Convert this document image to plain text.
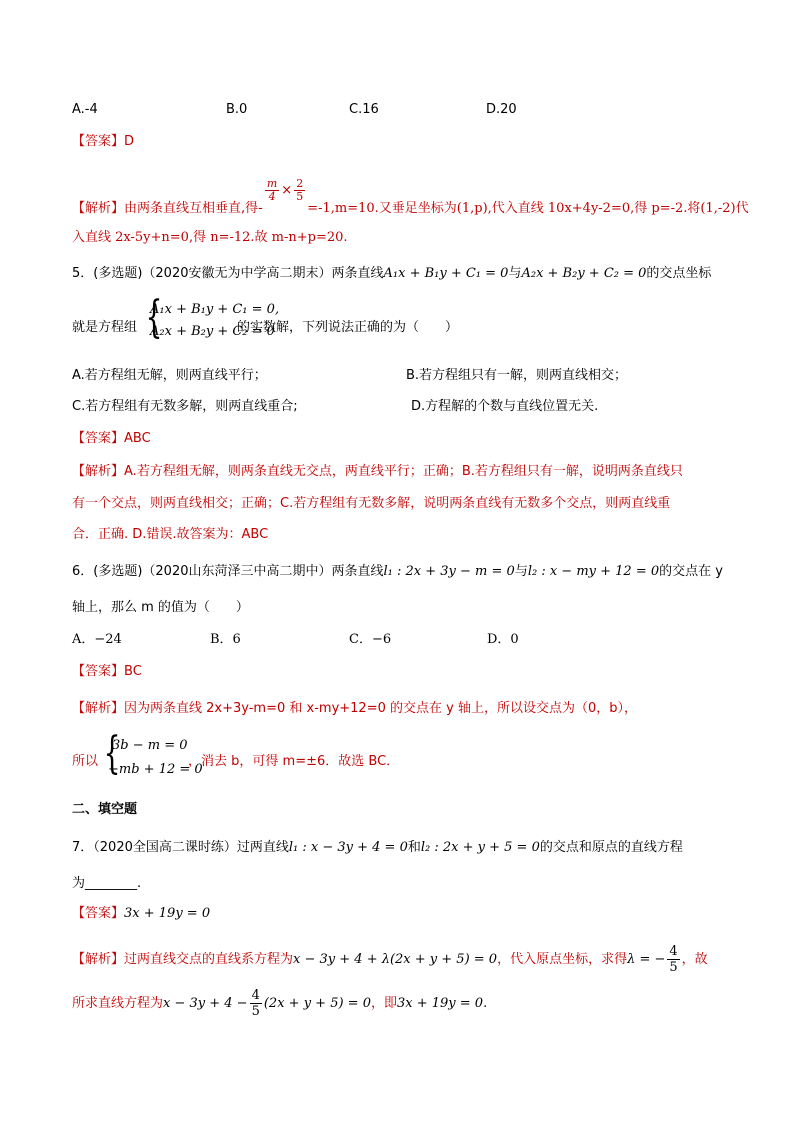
A.-4	B.0	C.16	D.20
【答案】D
【解析】由两条直线互相垂直,得-
$\frac{m}{4} \times \frac{2}{5}$
=-1,m=10.又垂足坐标为(1,p),代入直线 10x+4y-2=0,得 p=-2.将(1,-2)代
入直线 2x-5y+n=0,得 n=-12.故 m-n+p=20.
5．(多选题)（2020安徽无为中学高二期末）两条直线A₁x + B₁y + C₁ = 0与A₂x + B₂y + C₂ = 0的交点坐标
就是方程组	的实数解，下列说法正确的为（　　）
{
A₁x + B₁y + C₁ = 0,
A₂x + B₂y + C₂ = 0
A.若方程组无解，则两直线平行；	B.若方程组只有一解，则两直线相交；
C.若方程组有无数多解，则两直线重合;	D.方程解的个数与直线位置无关.
【答案】ABC
【解析】A.若方程组无解，则两条直线无交点，两直线平行；正确；B.若方程组只有一解，说明两条直线只
有一个交点，则两直线相交；正确；C.若方程组有无数多解，说明两条直线有无数多个交点，则两直线重
合．正确. D.错误.故答案为：ABC
6．(多选题)（2020山东菏泽三中高二期中）两条直线l₁ : 2x + 3y − m = 0与l₂ : x − my + 12 = 0的交点在 y
轴上，那么 m 的值为（　　）
A．−24	B．6	C．−6	D．0
【答案】BC
【解析】因为两条直线 2x+3y-m=0 和 x-my+12=0 的交点在 y 轴上，所以设交点为（0，b），
所以	，消去 b，可得 m=±6．故选 BC．
{
3b − m = 0
−mb + 12 = 0
二、填空题
7．（2020全国高二课时练）过两直线l₁ : x − 3y + 4 = 0和l₂ : 2x + y + 5 = 0的交点和原点的直线方程
为________.
【答案】3x + 19y = 0
【解析】过两直线交点的直线系方程为x − 3y + 4 + λ(2x + y + 5) = 0，代入原点坐标，求得λ = − $\frac{4}{5}$ ，故
所求直线方程为$x - 3y + 4 - \frac{4}{5} (2x + y + 5) = 0$，即3x + 19y = 0.
